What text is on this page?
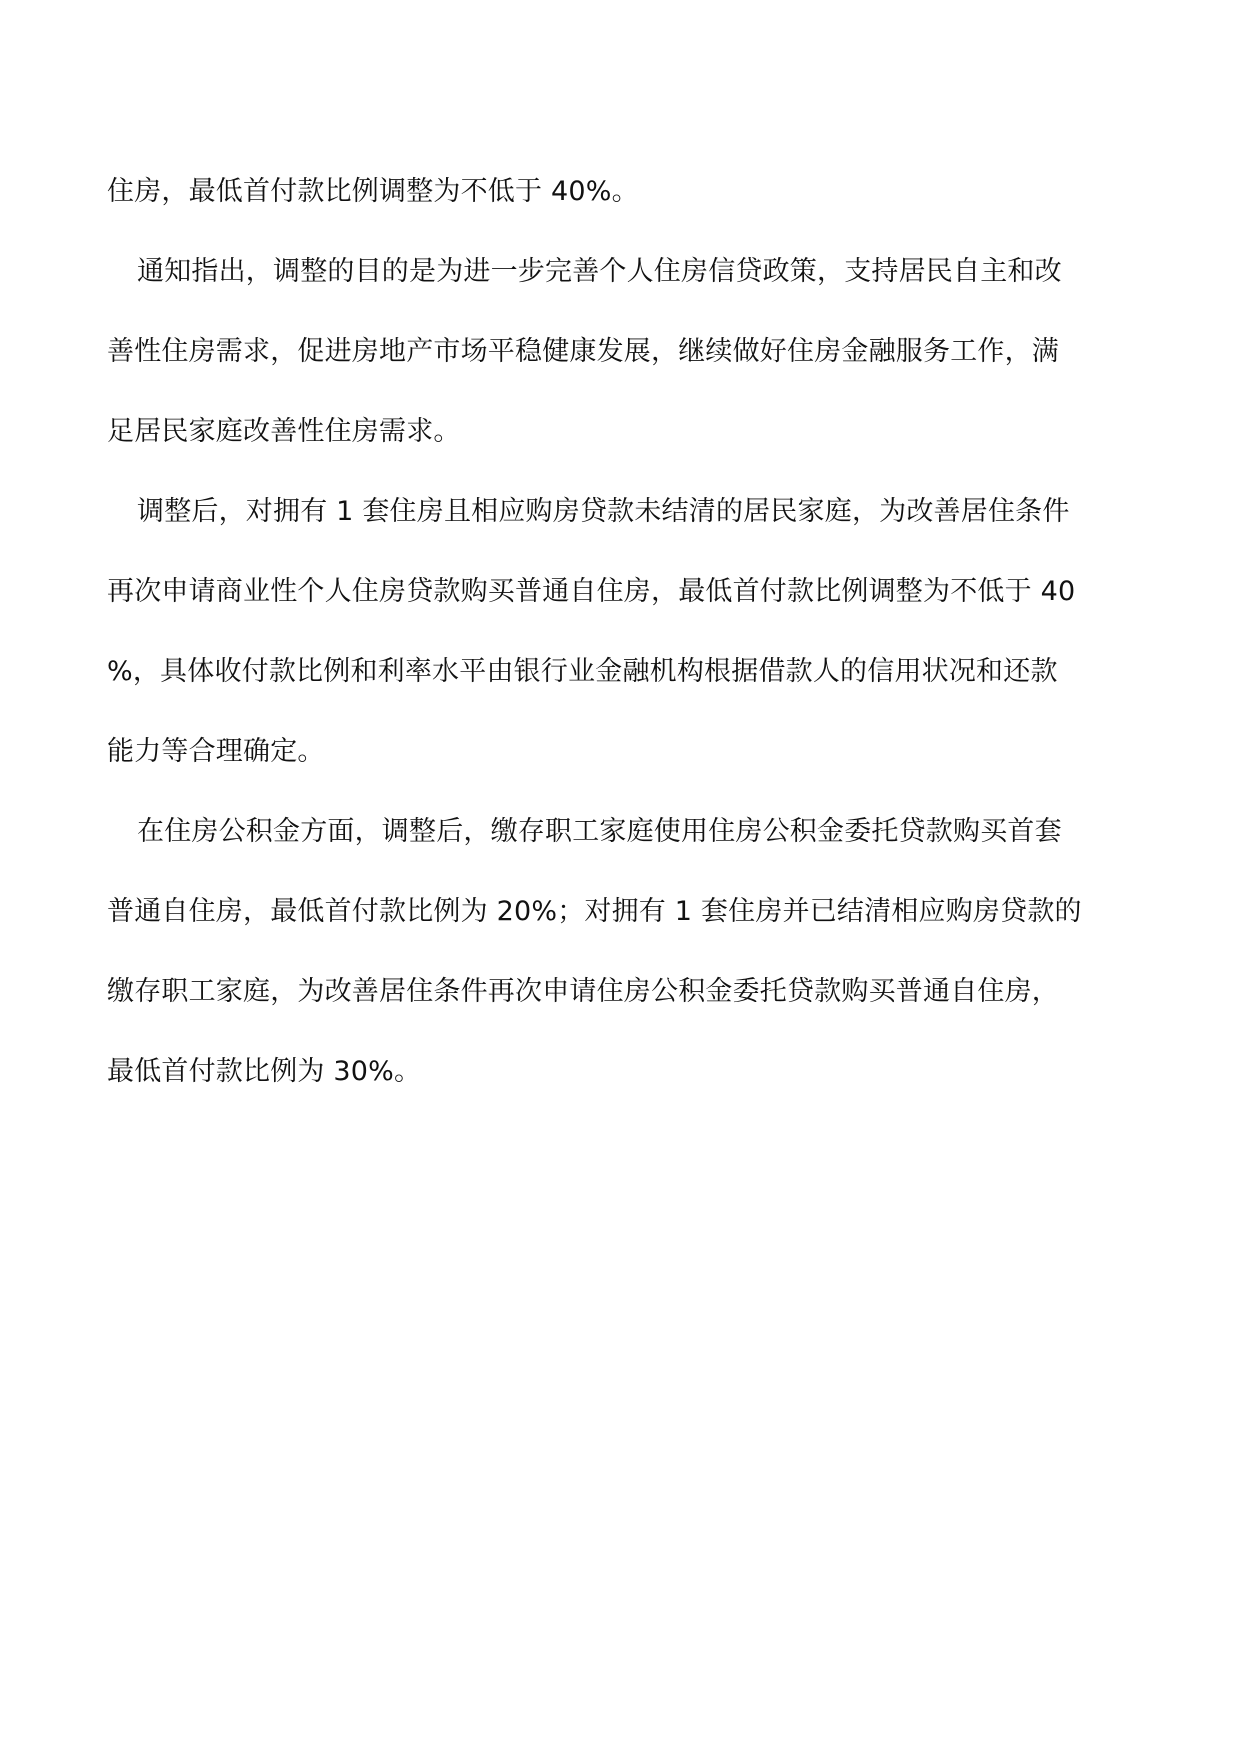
住房，最低首付款比例调整为不低于 40%。
通知指出，调整的目的是为进一步完善个人住房信贷政策，支持居民自主和改
善性住房需求，促进房地产市场平稳健康发展，继续做好住房金融服务工作，满
足居民家庭改善性住房需求。
调整后，对拥有 1 套住房且相应购房贷款未结清的居民家庭，为改善居住条件
再次申请商业性个人住房贷款购买普通自住房，最低首付款比例调整为不低于 40
%，具体收付款比例和利率水平由银行业金融机构根据借款人的信用状况和还款
能力等合理确定。
在住房公积金方面，调整后，缴存职工家庭使用住房公积金委托贷款购买首套
普通自住房，最低首付款比例为 20%；对拥有 1 套住房并已结清相应购房贷款的
缴存职工家庭，为改善居住条件再次申请住房公积金委托贷款购买普通自住房，
最低首付款比例为 30%。
